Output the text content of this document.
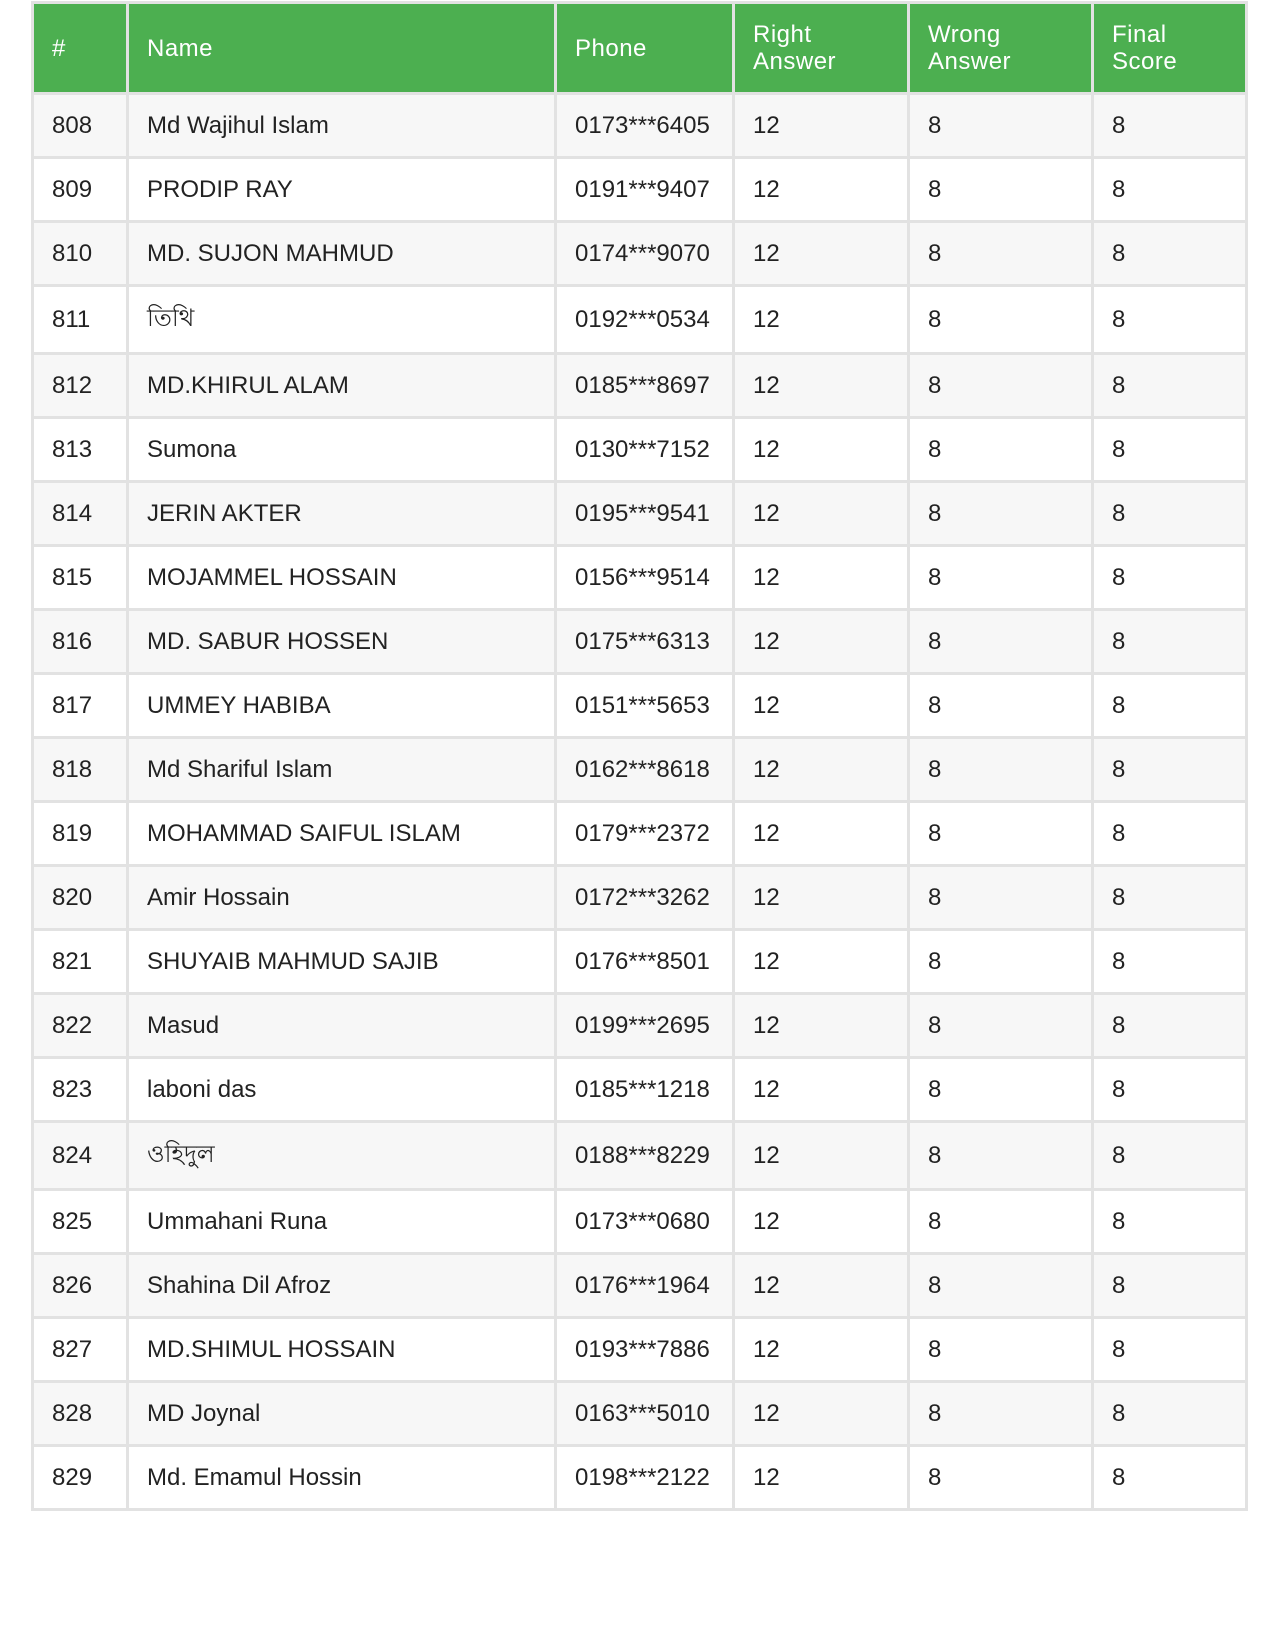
#	Name	Phone	Right Answer	Wrong Answer	Final Score
808	Md Wajihul Islam	0173***6405	12	8	8
809	PRODIP RAY	0191***9407	12	8	8
810	MD. SUJON MAHMUD	0174***9070	12	8	8
811	তিথি	0192***0534	12	8	8
812	MD.KHIRUL ALAM	0185***8697	12	8	8
813	Sumona	0130***7152	12	8	8
814	JERIN AKTER	0195***9541	12	8	8
815	MOJAMMEL HOSSAIN	0156***9514	12	8	8
816	MD. SABUR HOSSEN	0175***6313	12	8	8
817	UMMEY HABIBA	0151***5653	12	8	8
818	Md Shariful Islam	0162***8618	12	8	8
819	MOHAMMAD SAIFUL ISLAM	0179***2372	12	8	8
820	Amir Hossain	0172***3262	12	8	8
821	SHUYAIB MAHMUD SAJIB	0176***8501	12	8	8
822	Masud	0199***2695	12	8	8
823	laboni das	0185***1218	12	8	8
824	ওহিদুল	0188***8229	12	8	8
825	Ummahani Runa	0173***0680	12	8	8
826	Shahina Dil Afroz	0176***1964	12	8	8
827	MD.SHIMUL HOSSAIN	0193***7886	12	8	8
828	MD Joynal	0163***5010	12	8	8
829	Md. Emamul Hossin	0198***2122	12	8	8
